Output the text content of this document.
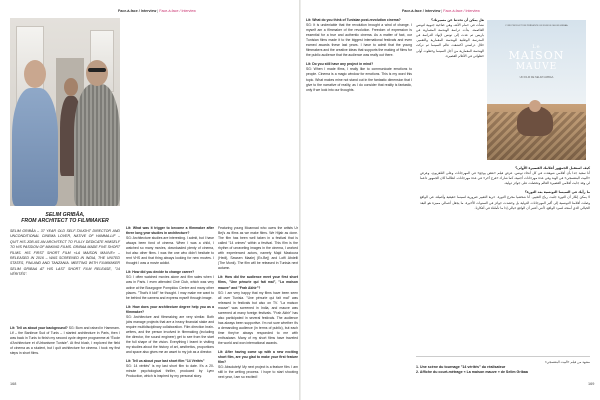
Face-à-face / Interview | Face-à-face / Interview
SELIM GRIBÂA,
FROM ARCHITECT TO FILMMAKER
SELIM GRIBÂA – 37 YEAR OLD SELF-TAUGHT DIRECTOR AND UNCONDITIONAL CINEMA LOVER, NATIVE OF HAMMA-LIF – QUIT HIS JOB AS AN ARCHITECT TO FULLY DEDICATE HIMSELF TO HIS PASSION OF MAKING FILMS. GRIBAA MADE FIVE SHORT FILMS. HIS FIRST SHORT FILM «LA MAISON MAUVE» – RELEASED IN 2016 – WAS SCREENED IN INDIA, THE UNITED STATES, FINLAND AND TANZANIA. MEETING WITH FILMMAKER SELIM GRIBAA AT HIS LAST SHORT FILM RELEASE, "14 VÉRITÉS".
Lit: Tell us about your background? SG: Born and raised in Hammam-Lif – the Banlieue Sud of Tunis – I started architecture in Paris, then I was back in Tunis to finish my second cycle degree programme at "École d'Architecture et d'Urbanisme Tunisie". At first blush, I explored the field of cinema as a student, but I quit architecture for cinema. I took my first steps in short films.
Lit: What was it trigger to become a filmmaker after three long year studies in architecture?
SG: Architecture studies are interesting. I admit, but I have always been fond of cinema. When I was a child, I watched so many movies, downloaded plenty of cinema, but also other films. I was the one who didn't hesitate to rent VHS and that thing always looking for new movies. I thought I was a movie addict.
Lit: How did you decide to change career?
SG: I often watched movies alone and film sales when I was in Paris. I even attended Ciné Club, which was very active at the Bourgogne Pompidou Centre and many other places. "That's it kid!" he thought. I may make me want to be behind the camera and express myself through image.
Lit: How does your architecture degree help you as a filmmaker?
SG: Architecture and filmmaking are very similar. Both jobs manage projects that are a heavy financial stake and require multidisciplinary collaboration. Film direction brain-writers, and the person involved in filmmaking (including the director, the sound engineer) get to see from the start the full shape of the vision. Everything I learnt in visiting my studies about the history of art, aesthetics, proportions and space also gives me an asset to my job as a director.
Lit: Tell us about your last short film "14 Vérités"
SG: 14 vérités" is my last short film to date. It's a 20-minute psychological thriller, produced by Lynx Production, which is inspired by my personal story.
Featuring young Moannad who owns the artists Ur Bej's as films as we make films. We Hijab as done. The film has been well taken in a festival that is called "14 crimes" within a festival. This film is the rhythm of unraveling images in the cinema, I worked with experienced actors, namely Majd Mastoura (Hedi), Sawsen Maalej (Ex-Bej) and Lotfi Abdelli (The Monk). The film will be released in Tunisia next autumn.
Lit: How did the audience meet your first short films, "Une pénurie qui fait mal", "La maison mauve" and "Frah Akhir"?
SG: I am very happy that my films have been seen all over Tunisia. "Une pénurie qui fait mal" was released in festivals but also on TV. "La maison mauve" was screened in India, and mauve was screened at many foreign festivals. "Frah Akhir" has also participated in several festivals. The audience has always been supportive. I'm not sure whether it's a demanding audience (in terms of public), but each time they've always responded to me with enthusiasm. Many of my short films have traveled the world and won international awards.
Lit: After having come up with a new exciting short film, are you glad to make your first feature film?
SG: Absolutely! My next project is a feature film. I am still in the writing process. I hope to start shooting next year, I am so excited!
168
Face-à-face / Interview | Face-à-face / Interview
Lit: What do you think of Tunisian post-revolution cinema?
SG: It is undeniable that the revolution brought a wind of change. I myself am a filmmaker of the revolution. Freedom of expression is essential for a true and authentic cinema. As a matter of fact, our Tunisian films made it to the biggest international festivals and even earned awards these last years. I have to admit that the young filmmakers and the creative ideas that supports the making of films for the public audience that the audience was really out there.
Lit: Do you still have any project in mind?
SG: When I made films, I really like to communicate emotions to people. Cinema is a magic window for emotions. This is my word this topic. What makes mine not stand out in the fantastic dimension that I give to the narrative of reality, as I do consider that reality is fantastic, only if we look into our thoughts.
هل يمكن أن تحدثنا عن مسيرتك؟
نشأت في حمام الأنف وهي ضاحية جنوبية لتونس العاصمة. بدأت دراسة الهندسة المعمارية في باريس ثم عدت إلى تونس لإنهاء الدراسة في المدرسة الوطنية للهندسة المعمارية والتعمير. خلال دراستي اكتشفت عالم السينما ثم تركت الهندسة المعمارية من أجل السينما وخطوت أولى خطواتي في الأفلام القصيرة.
LYNX PRODUCTION PRÉSENTE UN FILM DE SELIM GRIBAA
Le
MAISON
MAUVE
UN FILM DE SELIM GRIBAA
كيف استقبل الجمهور أفلامك القصيرة الأولى؟
أنا سعيد جدا بأن أفلامي شوهدت في كل أنحاء تونس. عرض فيلم «نقص يوجع» في المهرجانات وعلى التلفزيون، وعرض «البيت البنفسجي» في الهند وفي عدة مهرجانات أجنبية، كما شارك «فرح آخر» في عدة مهرجانات. لطالما كان الجمهور داعما لي وقد جابت أفلامي القصيرة العالم وتحصلت على جوائز دولية.
ما رأيك في السينما التونسية بعد الثورة؟
لا يمكن إنكار أن الثورة جلبت رياح التغيير. أنا شخصيا مخرج الثورة. حرية التعبير ضرورية لسينما حقيقية وأصيلة. في الواقع وصلت أفلامنا التونسية إلى أكبر المهرجانات الدولية بل وحصدت جوائز في السنوات الأخيرة. ما يجعل أعمالي مميزة هو البعد الخيالي الذي أمنحه لسرد الواقع، لأنني أعتبر أن الواقع خيالي إذا ما تأملناه في أفكارنا.
مشهد من فيلم «البيت البنفسجي»
1. Une scène du tournage "14 vérités" du réalisateur
2. Affiche du court-métrage « La maison mauve » de Selim Gribaa
169
